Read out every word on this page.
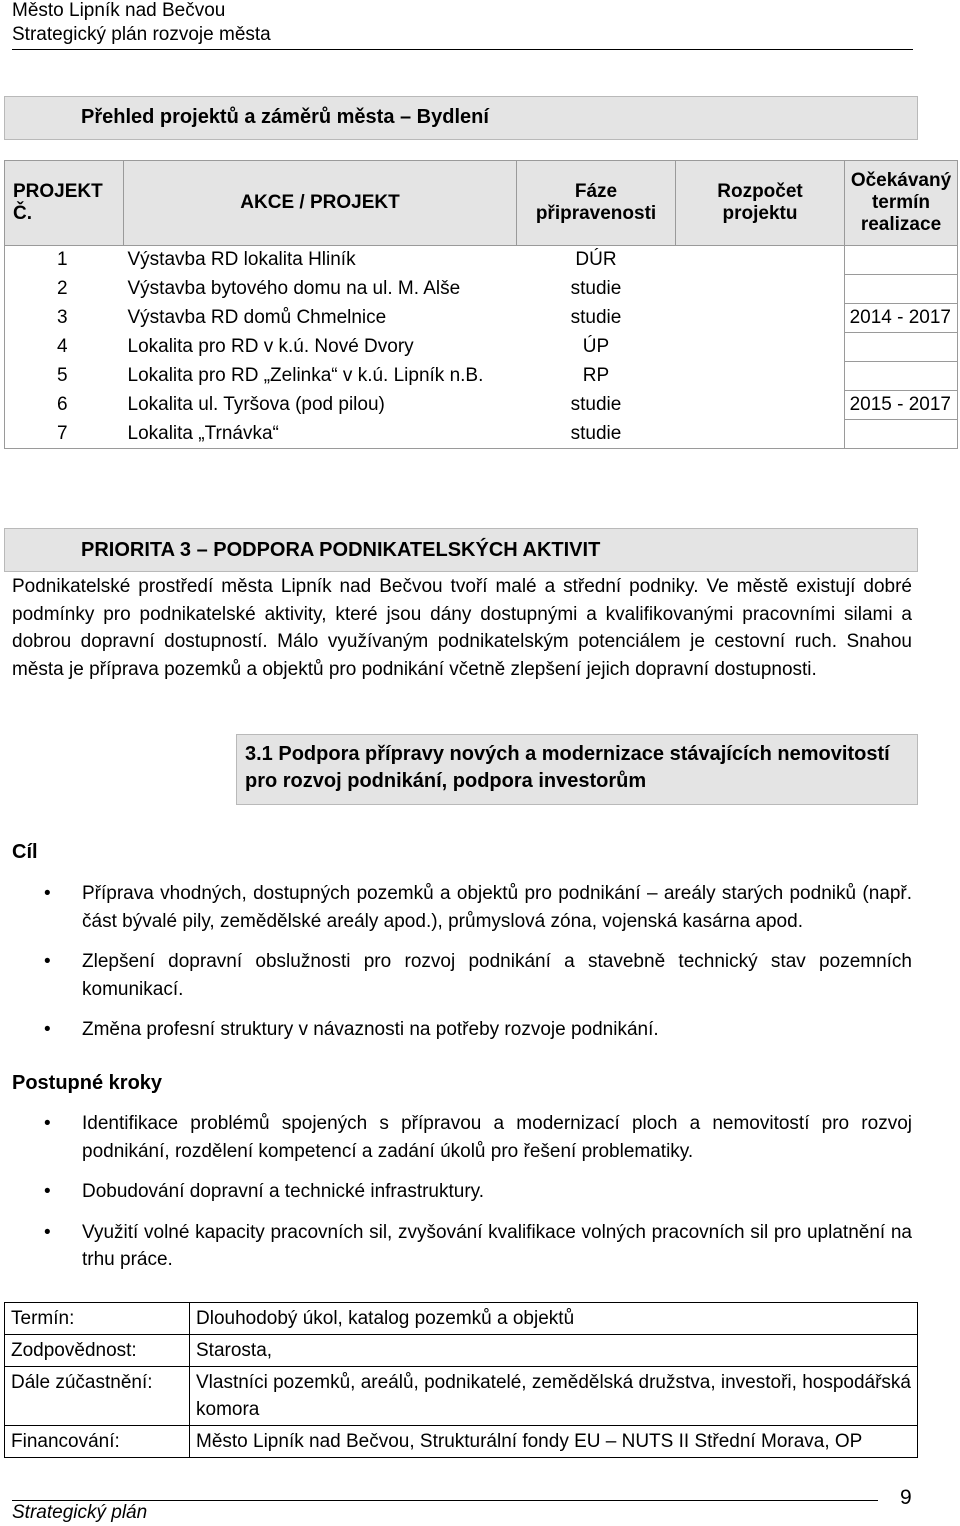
Město Lipník nad Bečvou
Strategický plán rozvoje města
Přehled projektů a záměrů města – Bydlení
PROJEKT Č.	AKCE / PROJEKT	Fáze připravenosti	Rozpočet projektu	Očekávaný termín realizace
1	Výstavba RD lokalita Hliník	DÚR		
2	Výstavba bytového domu na ul. M. Alše	studie		
3	Výstavba RD domů Chmelnice	studie		2014 - 2017
4	Lokalita pro RD v k.ú. Nové Dvory	ÚP		
5	Lokalita pro RD „Zelinka“ v k.ú. Lipník n.B.	RP		
6	Lokalita ul. Tyršova (pod pilou)	studie		2015 - 2017
7	Lokalita „Trnávka“	studie		
PRIORITA 3 – PODPORA PODNIKATELSKÝCH AKTIVIT
Podnikatelské prostředí města Lipník nad Bečvou tvoří malé a střední podniky. Ve městě existují dobré podmínky pro podnikatelské aktivity, které jsou dány dostupnými a kvalifikovanými pracovními silami a dobrou dopravní dostupností. Málo využívaným podnikatelským potenciálem je cestovní ruch. Snahou města je příprava pozemků a objektů pro podnikání včetně zlepšení jejich dopravní dostupnosti.
3.1 Podpora přípravy nových a modernizace stávajících nemovitostí pro rozvoj podnikání, podpora investorům
Cíl
• Příprava vhodných, dostupných pozemků a objektů pro podnikání – areály starých podniků (např. část bývalé pily, zemědělské areály apod.), průmyslová zóna, vojenská kasárna apod.
• Zlepšení dopravní obslužnosti pro rozvoj podnikání a stavebně technický stav pozemních komunikací.
• Změna profesní struktury v návaznosti na potřeby rozvoje podnikání.
Postupné kroky
• Identifikace problémů spojených s přípravou a modernizací ploch a nemovitostí pro rozvoj podnikání, rozdělení kompetencí a zadání úkolů pro řešení problematiky.
• Dobudování dopravní a technické infrastruktury.
• Využití volné kapacity pracovních sil, zvyšování kvalifikace volných pracovních sil pro uplatnění na trhu práce.
Termín:	Dlouhodobý úkol, katalog pozemků a objektů
Zodpovědnost:	Starosta,
Dále zúčastnění:	Vlastníci pozemků, areálů, podnikatelé, zemědělská družstva, investoři, hospodářská komora
Financování:	Město Lipník nad Bečvou, Strukturální fondy EU – NUTS II Střední Morava, OP
Strategický plán
9
